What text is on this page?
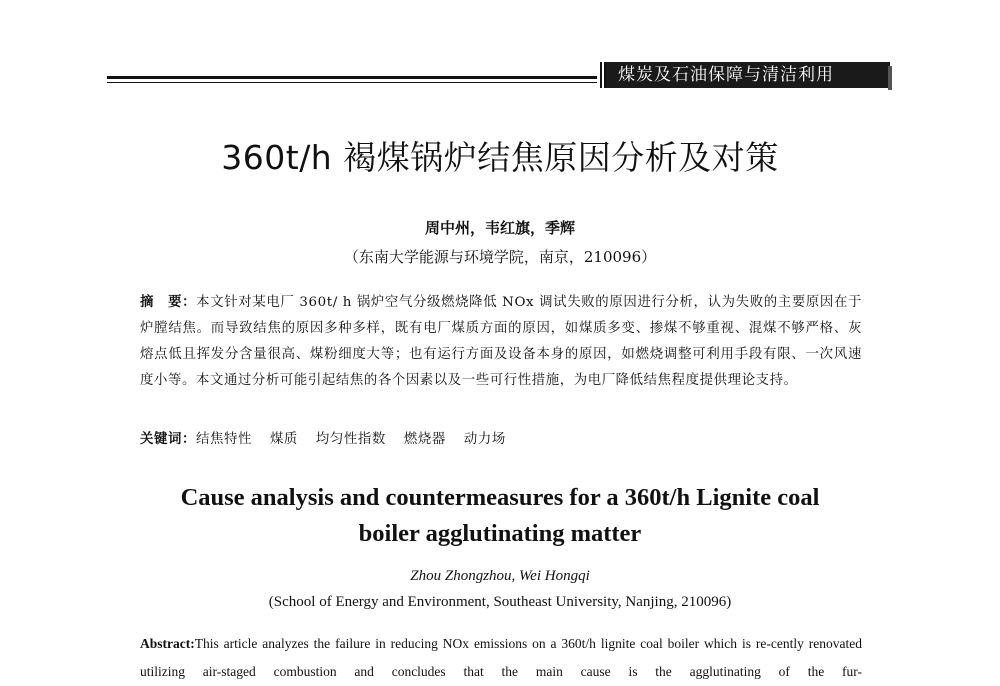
煤炭及石油保障与清洁利用
360t/h 褐煤锅炉结焦原因分析及对策
周中州，韦红旗，季辉
（东南大学能源与环境学院，南京，210096）
摘　要：本文针对某电厂 360t/ h 锅炉空气分级燃烧降低 NOx 调试失败的原因进行分析，认为失败的主要原因在于炉膛结焦。而导致结焦的原因多种多样，既有电厂煤质方面的原因，如煤质多变、掺煤不够重视、混煤不够严格、灰熔点低且挥发分含量很高、煤粉细度大等；也有运行方面及设备本身的原因，如燃烧调整可利用手段有限、一次风速度小等。本文通过分析可能引起结焦的各个因素以及一些可行性措施，为电厂降低结焦程度提供理论支持。
关键词：结焦特性 煤质 均匀性指数 燃烧器 动力场
Cause analysis and countermeasures for a 360t/h Lignite coal
boiler agglutinating matter
Zhou Zhongzhou, Wei Hongqi
(School of Energy and Environment, Southeast University, Nanjing, 210096)
Abstract:This article analyzes the failure in reducing NOx emissions on a 360t/h lignite coal boiler which is re-cently renovated utilizing air-staged combustion and concludes that the main cause is the agglutinating of the fur-
